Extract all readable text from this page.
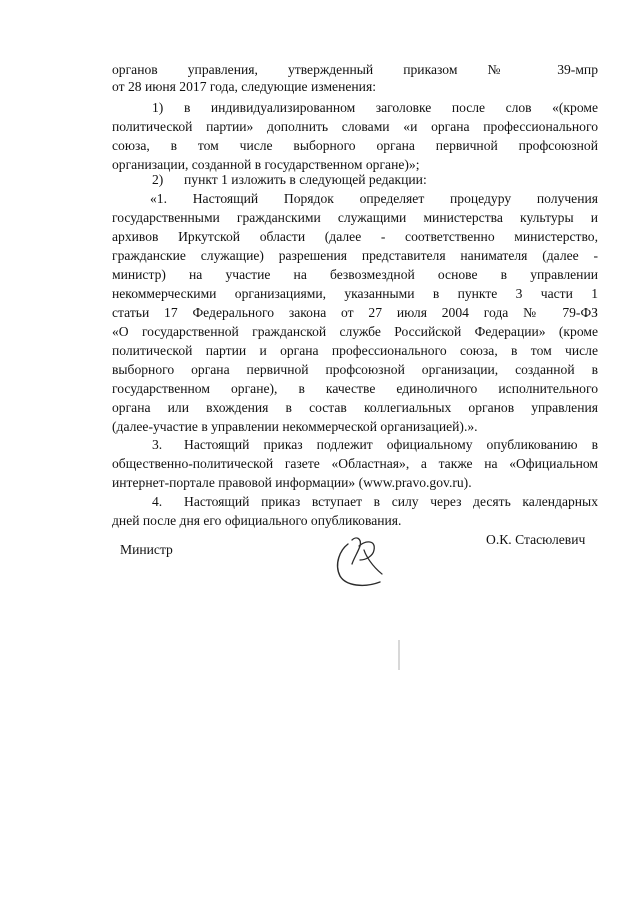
органов управления, утвержденный приказом № 39-мпр
от 28 июня 2017 года, следующие изменения:
1)	в индивидуализированном заголовке после слов «(кроме
политической партии» дополнить словами «и органа профессионального
союза, в том числе выборного органа первичной профсоюзной
организации, созданной в государственном органе)»;
2)	пункт 1 изложить в следующей редакции:
«1. Настоящий Порядок определяет процедуру получения
государственными гражданскими служащими министерства культуры и
архивов Иркутской области (далее - соответственно министерство,
гражданские служащие) разрешения представителя нанимателя (далее -
министр) на участие на безвозмездной основе в управлении
некоммерческими организациями, указанными в пункте 3 части 1
статьи 17 Федерального закона от 27 июля 2004 года № 79-ФЗ
«О государственной гражданской службе Российской Федерации» (кроме
политической партии и органа профессионального союза, в том числе
выборного органа первичной профсоюзной организации, созданной в
государственном органе), в качестве единоличного исполнительного
органа или вхождения в состав коллегиальных органов управления
(далее-участие в управлении некоммерческой организацией).».
3.	Настоящий приказ подлежит официальному опубликованию в
общественно-политической газете «Областная», а также на «Официальном
интернет-портале правовой информации» (www.pravo.gov.ru).
4.	Настоящий приказ вступает в силу через десять календарных
дней после дня его официального опубликования.
Министр
О.К. Стасюлевич
